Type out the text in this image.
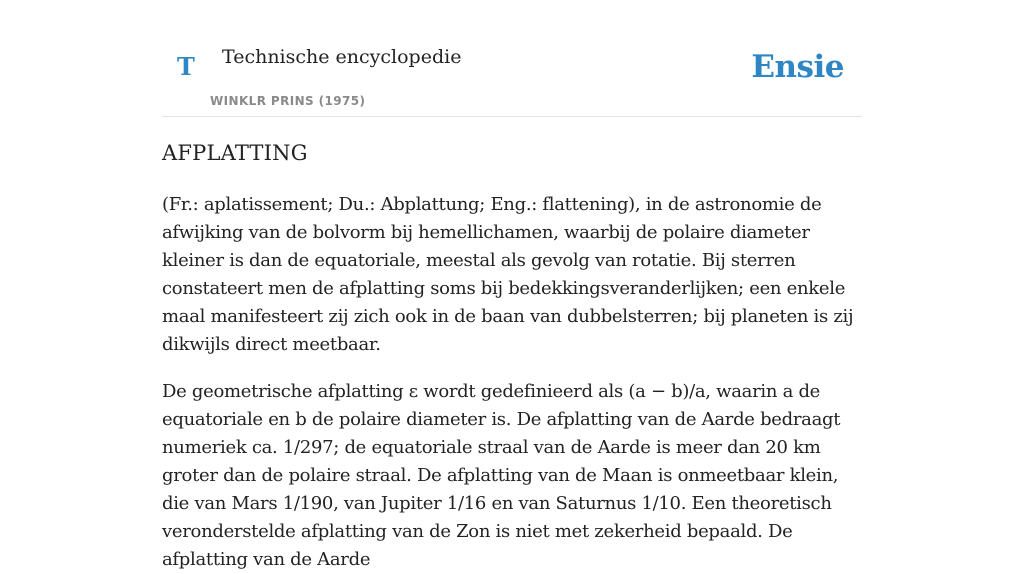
T Technische encyclopedie
WINKLR PRINS (1975)
Ensie
AFPLATTING

(Fr.: aplatissement; Du.: Abplattung; Eng.: flattening), in de astronomie de afwijking van de bolvorm bij hemellichamen, waarbij de polaire diameter kleiner is dan de equatoriale, meestal als gevolg van rotatie. Bij sterren constateert men de afplatting soms bij bedekkingsveranderlijken; een enkele maal manifesteert zij zich ook in de baan van dubbelsterren; bij planeten is zij dikwijls direct meetbaar.

De geometrische afplatting ε wordt gedefinieerd als (a − b)/a, waarin a de equatoriale en b de polaire diameter is. De afplatting van de Aarde bedraagt numeriek ca. 1/297; de equatoriale straal van de Aarde is meer dan 20 km groter dan de polaire straal. De afplatting van de Maan is onmeetbaar klein, die van Mars 1/190, van Jupiter 1/16 en van Saturnus 1/10. Een theoretisch veronderstelde afplatting van de Zon is niet met zekerheid bepaald. De afplatting van de Aarde
